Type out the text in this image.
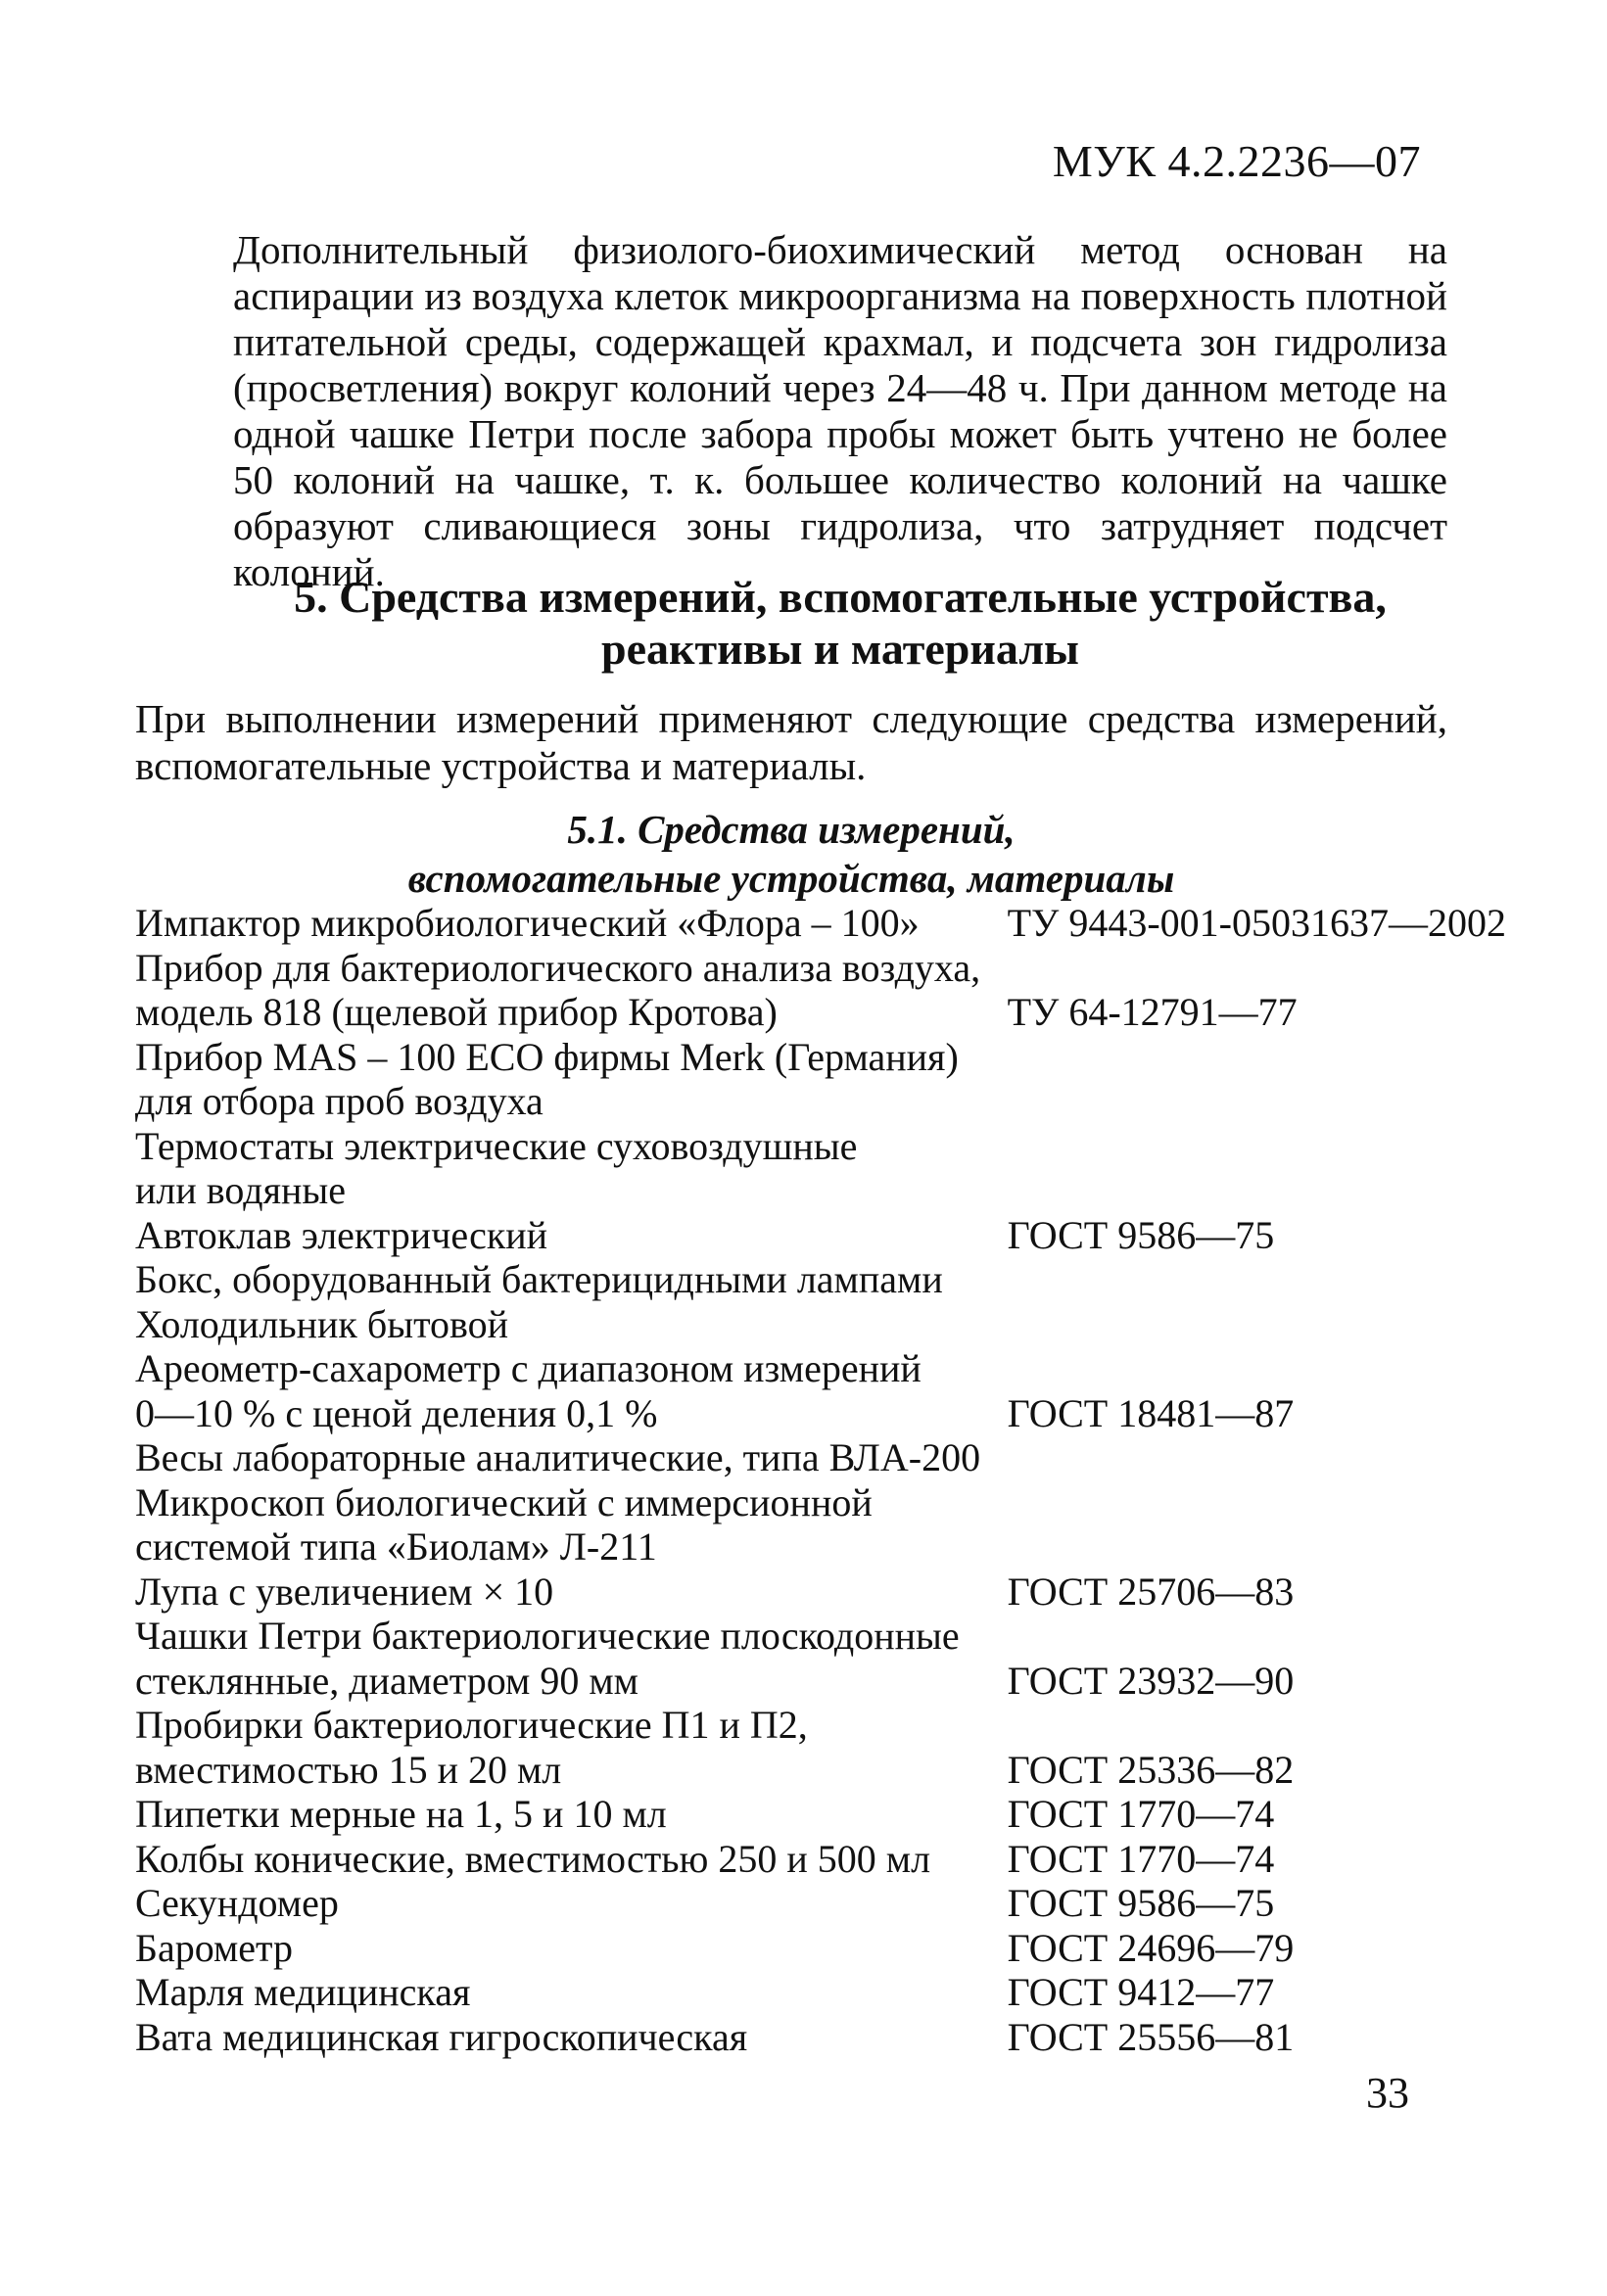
МУК 4.2.2236—07
Дополнительный физиолого-биохимический метод основан на аспирации из воздуха клеток микроорганизма на поверхность плотной питательной среды, содержащей крахмал, и подсчета зон гидролиза (просветления) вокруг колоний через 24—48 ч. При данном методе на одной чашке Петри после забора пробы может быть учтено не более 50 колоний на чашке, т. к. большее количество колоний на чашке образуют сливающиеся зоны гидролиза, что затрудняет подсчет колоний.
5. Средства измерений, вспомогательные устройства,
реактивы и материалы
При выполнении измерений применяют следующие средства измерений, вспомогательные устройства и материалы.
5.1. Средства измерений,
вспомогательные устройства, материалы
Импактор микробиологический «Флора – 100»	ТУ 9443-001-05031637—2002
Прибор для бактериологического анализа воздуха,	
модель 818 (щелевой прибор Кротова)	ТУ 64-12791—77
Прибор MAS – 100 ECO фирмы Merk (Германия)	
для отбора проб воздуха	
Термостаты электрические суховоздушные	
или водяные	
Автоклав электрический	ГОСТ 9586—75
Бокс, оборудованный бактерицидными лампами	
Холодильник бытовой	
Ареометр-сахарометр с диапазоном измерений	
0—10 % с ценой деления 0,1 %	ГОСТ 18481—87
Весы лабораторные аналитические, типа ВЛА-200	
Микроскоп биологический с иммерсионной	
системой типа «Биолам» Л-211	
Лупа с увеличением × 10	ГОСТ 25706—83
Чашки Петри бактериологические плоскодонные	
стеклянные, диаметром 90 мм	ГОСТ 23932—90
Пробирки бактериологические П1 и П2,	
вместимостью 15 и 20 мл	ГОСТ 25336—82
Пипетки мерные на 1, 5 и 10 мл	ГОСТ 1770—74
Колбы конические, вместимостью 250 и 500 мл	ГОСТ 1770—74
Секундомер	ГОСТ 9586—75
Барометр	ГОСТ 24696—79
Марля медицинская	ГОСТ 9412—77
Вата медицинская гигроскопическая	ГОСТ 25556—81
33
